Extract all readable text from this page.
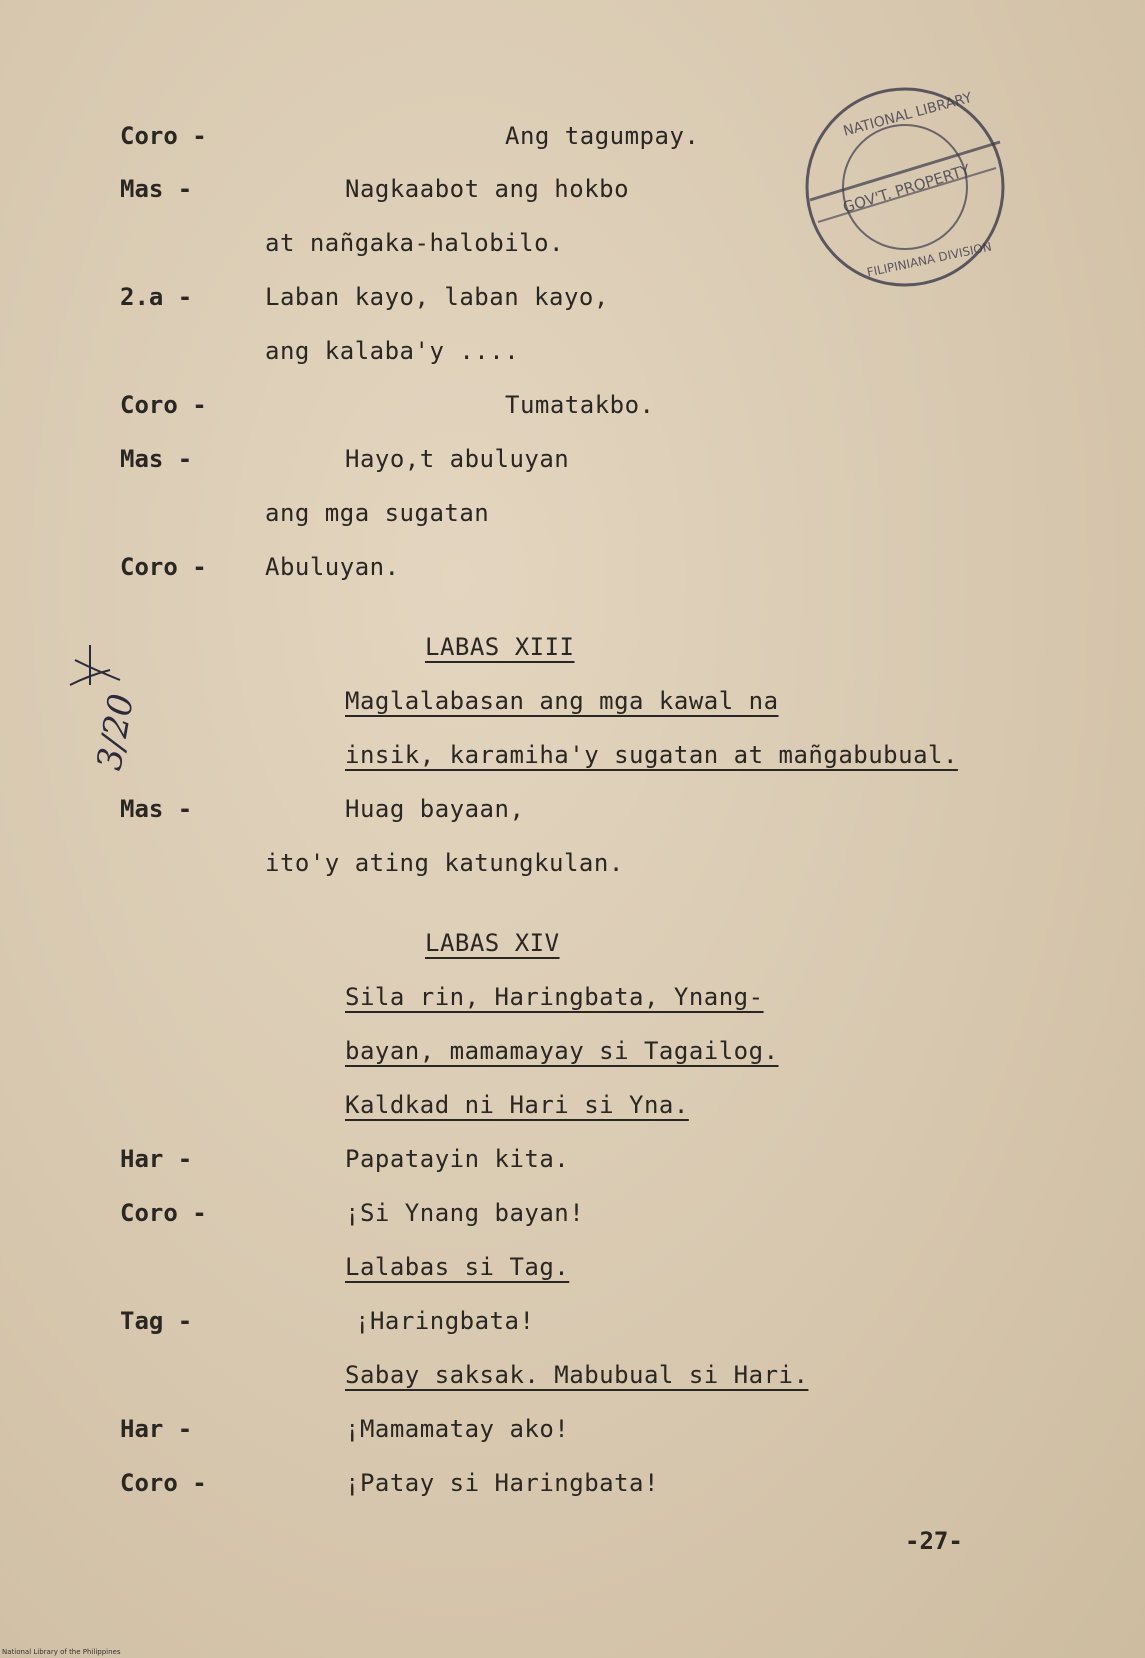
NATIONAL LIBRARY
GOV'T. PROPERTY
FILIPINIANA DIVISION
3/20
Coro -	Ang tagumpay.
Mas -	Nagkaabot ang hokbo
at nañgaka-halobilo.
2.a -	Laban kayo, laban kayo,
ang kalaba'y ....
Coro -	Tumatakbo.
Mas -	Hayo,t abuluyan
ang mga sugatan
Coro - Abuluyan.
LABAS XIII
Maglalabasan ang mga kawal na
insik, karamiha'y sugatan at mañgabubual.
Mas -	Huag bayaan,
ito'y ating katungkulan.
LABAS XIV
Sila rin, Haringbata, Ynang-
bayan, mamamayay si Tagailog.
Kaldkad ni Hari si Yna.
Har -	Papatayin kita.
Coro -	¡Si Ynang bayan!
Lalabas si Tag.
Tag -	¡Haringbata!
Sabay saksak. Mabubual si Hari.
Har -	¡Mamamatay ako!
Coro -	¡Patay si Haringbata!
-27-
National Library of the Philippines
